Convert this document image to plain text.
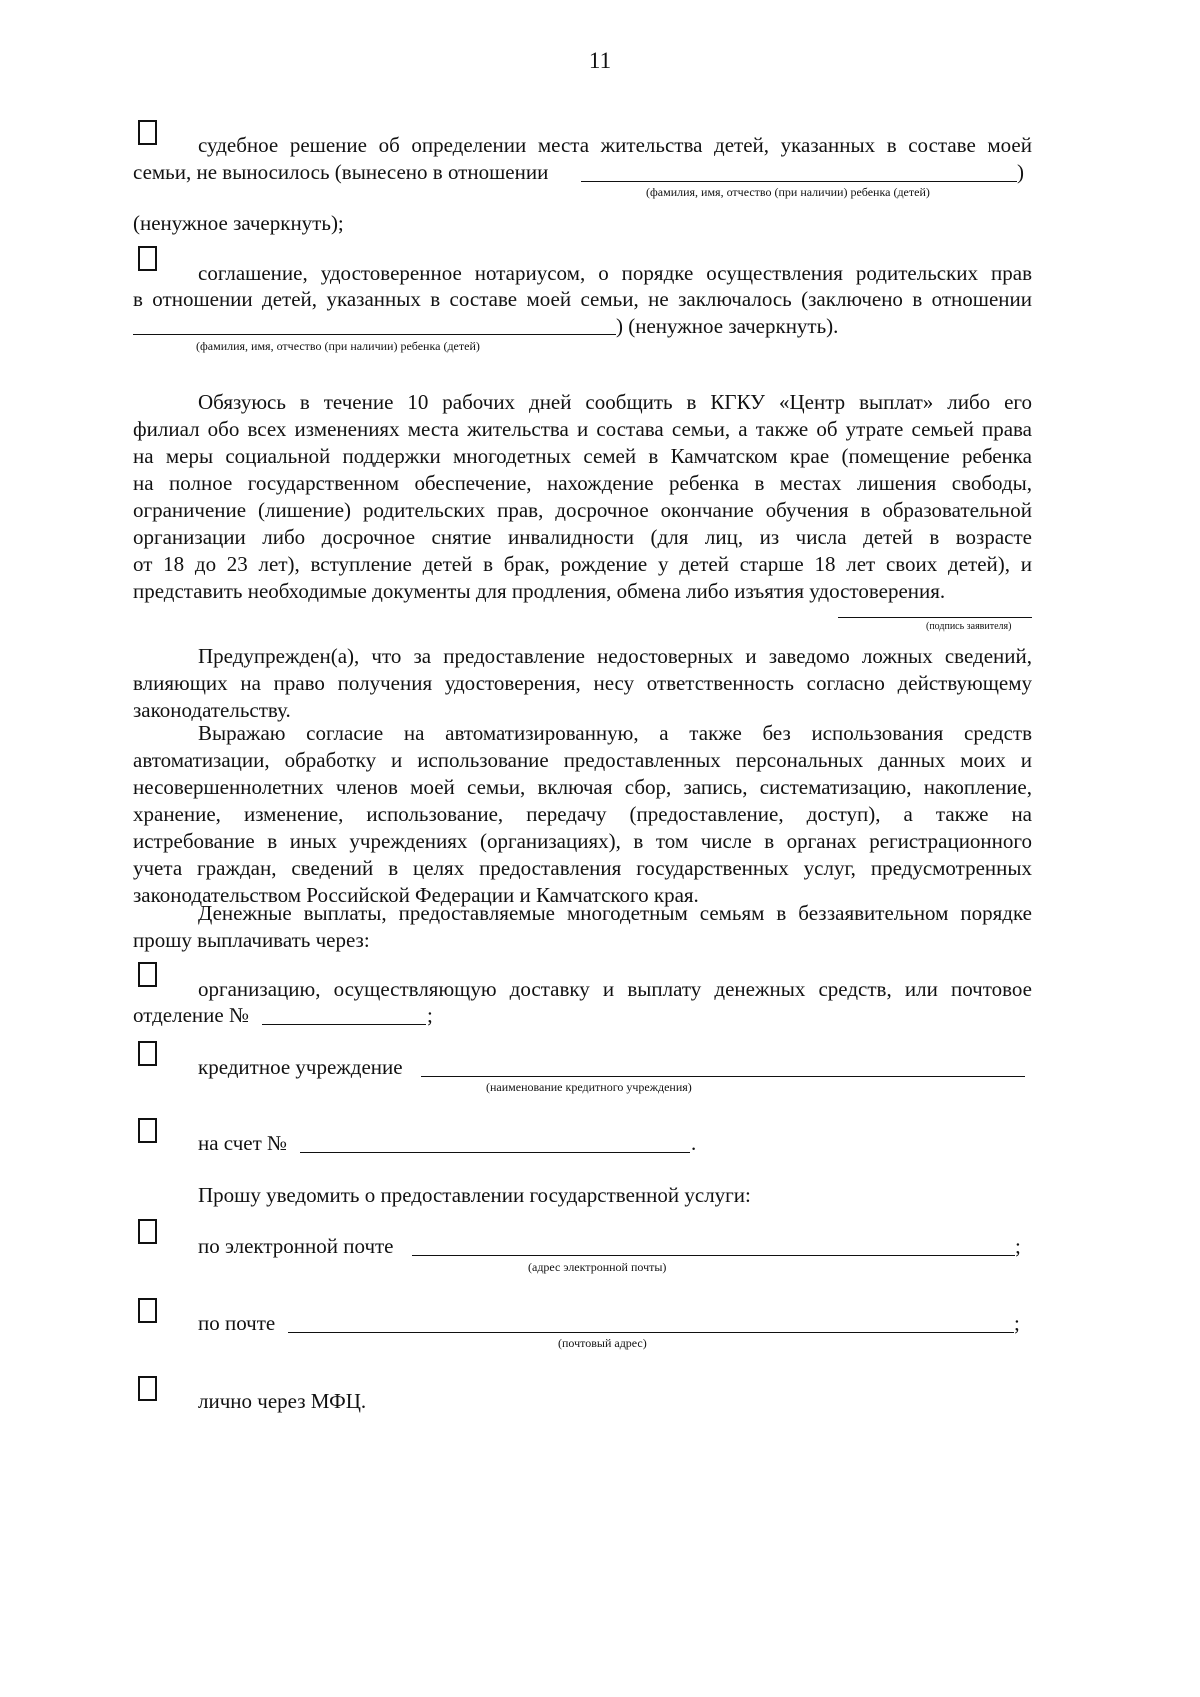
11
судебное решение об определении места жительства детей, указанных в составе моей
семьи, не выносилось (вынесено в отношении	)
(фамилия, имя, отчество (при наличии) ребенка (детей)
(ненужное зачеркнуть);
соглашение, удостоверенное нотариусом, о порядке осуществления родительских прав
в отношении детей, указанных в составе моей семьи, не заключалось (заключено в отношении
) (ненужное зачеркнуть).
(фамилия, имя, отчество (при наличии) ребенка (детей)
Обязуюсь в течение 10 рабочих дней сообщить в КГКУ «Центр выплат» либо его
филиал обо всех изменениях места жительства и состава семьи, а также об утрате семьей права
на меры социальной поддержки многодетных семей в Камчатском крае (помещение ребенка
на полное государственном обеспечение, нахождение ребенка в местах лишения свободы,
ограничение (лишение) родительских прав, досрочное окончание обучения в образовательной
организации либо досрочное снятие инвалидности (для лиц, из числа детей в возрасте
от 18 до 23 лет), вступление детей в брак, рождение у детей старше 18 лет своих детей), и
представить необходимые документы для продления, обмена либо изъятия удостоверения.
(подпись заявителя)
Предупрежден(а), что за предоставление недостоверных и заведомо ложных сведений,
влияющих на право получения удостоверения, несу ответственность согласно действующему
законодательству.
Выражаю согласие на автоматизированную, а также без использования средств
автоматизации, обработку и использование предоставленных персональных данных моих и
несовершеннолетних членов моей семьи, включая сбор, запись, систематизацию, накопление,
хранение, изменение, использование, передачу (предоставление, доступ), а также на
истребование в иных учреждениях (организациях), в том числе в органах регистрационного
учета граждан, сведений в целях предоставления государственных услуг, предусмотренных
законодательством Российской Федерации и Камчатского края.
Денежные выплаты, предоставляемые многодетным семьям в беззаявительном порядке
прошу выплачивать через:
организацию, осуществляющую доставку и выплату денежных средств, или почтовое
отделение №	;
кредитное учреждение
(наименование кредитного учреждения)
на счет №	.
Прошу уведомить о предоставлении государственной услуги:
по электронной почте	;
(адрес электронной почты)
по почте	;
(почтовый адрес)
лично через МФЦ.
